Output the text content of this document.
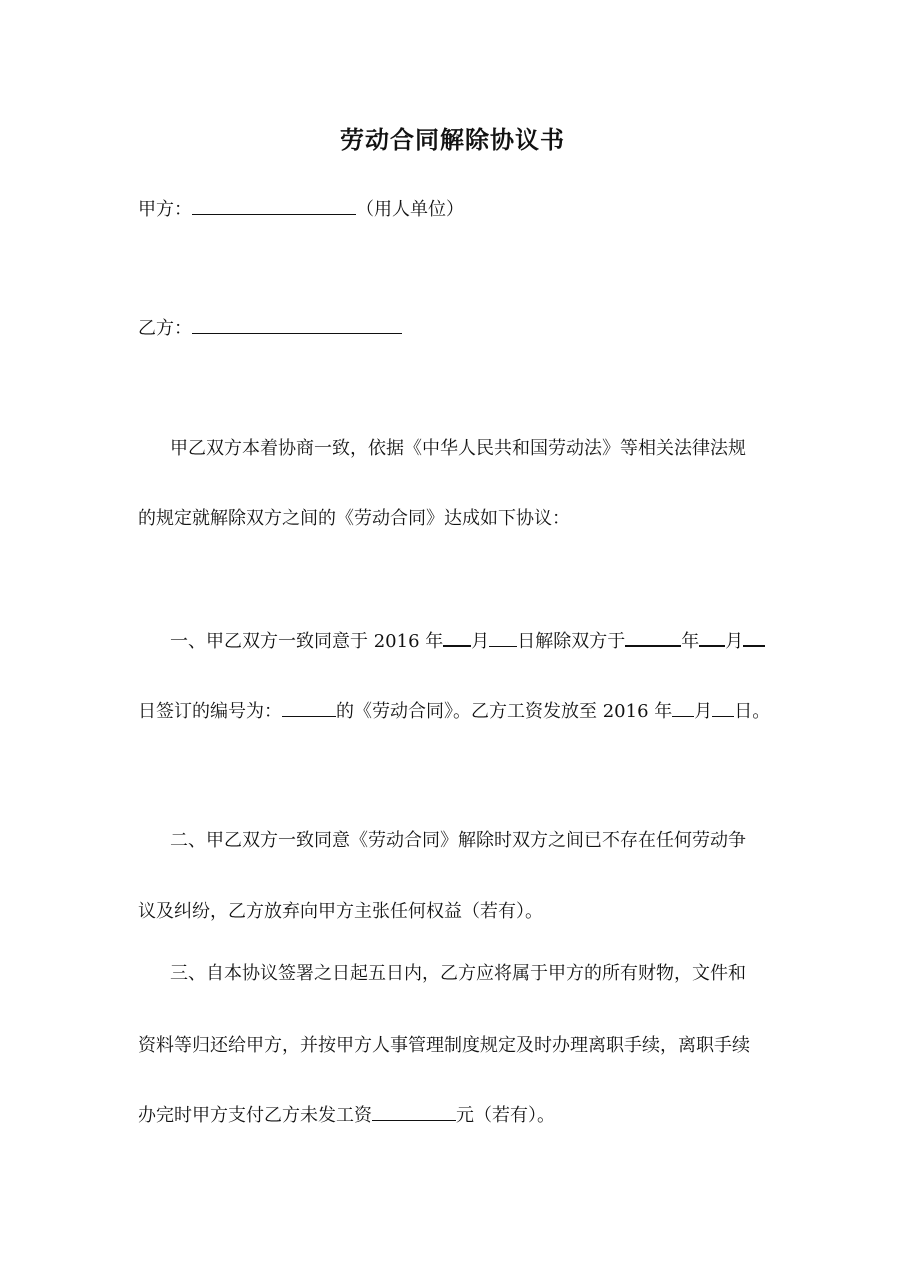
劳动合同解除协议书
甲方：	（用人单位）
乙方：
甲乙双方本着协商一致，依据《中华人民共和国劳动法》等相关法律法规
的规定就解除双方之间的《劳动合同》达成如下协议：
一、甲乙双方一致同意于 2016 年 月 日解除双方于	年 月
日签订的编号为：	的《劳动合同》。乙方工资发放至 2016 年 月 日。
二、甲乙双方一致同意《劳动合同》解除时双方之间已不存在任何劳动争
议及纠纷，乙方放弃向甲方主张任何权益（若有）。
三、自本协议签署之日起五日内，乙方应将属于甲方的所有财物，文件和
资料等归还给甲方，并按甲方人事管理制度规定及时办理离职手续，离职手续
办完时甲方支付乙方未发工资	元（若有）。
